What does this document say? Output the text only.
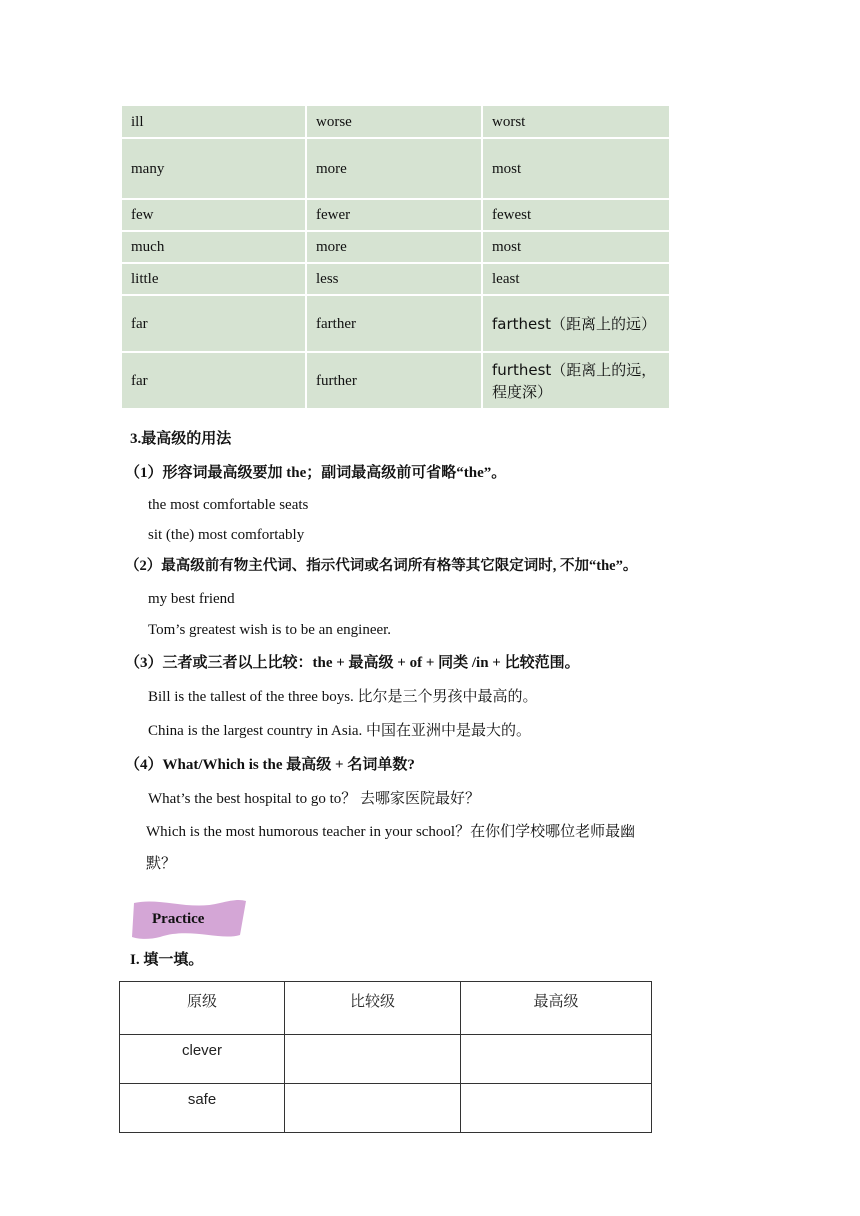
ill	worse	worst
many	more	most
few	fewer	fewest
much	more	most
little	less	least
far	farther	farthest（距离上的远）
far	further	furthest（距离上的远，程度深）
3.最高级的用法
（1）形容词最高级要加 the；副词最高级前可省略“the”。
the most comfortable seats
sit (the) most comfortably
（2）最高级前有物主代词、指示代词或名词所有格等其它限定词时, 不加“the”。
my best friend
Tom’s greatest wish is to be an engineer.
（3）三者或三者以上比较：the + 最高级 + of + 同类 /in + 比较范围。
Bill is the tallest of the three boys. 比尔是三个男孩中最高的。
China is the largest country in Asia. 中国在亚洲中是最大的。
（4）What/Which is the 最高级 + 名词单数?
What’s the best hospital to go to？ 去哪家医院最好？
Which is the most humorous teacher in your school？在你们学校哪位老师最幽
默？
Practice
I. 填一填。
原级	比较级	最高级
clever		
safe		
